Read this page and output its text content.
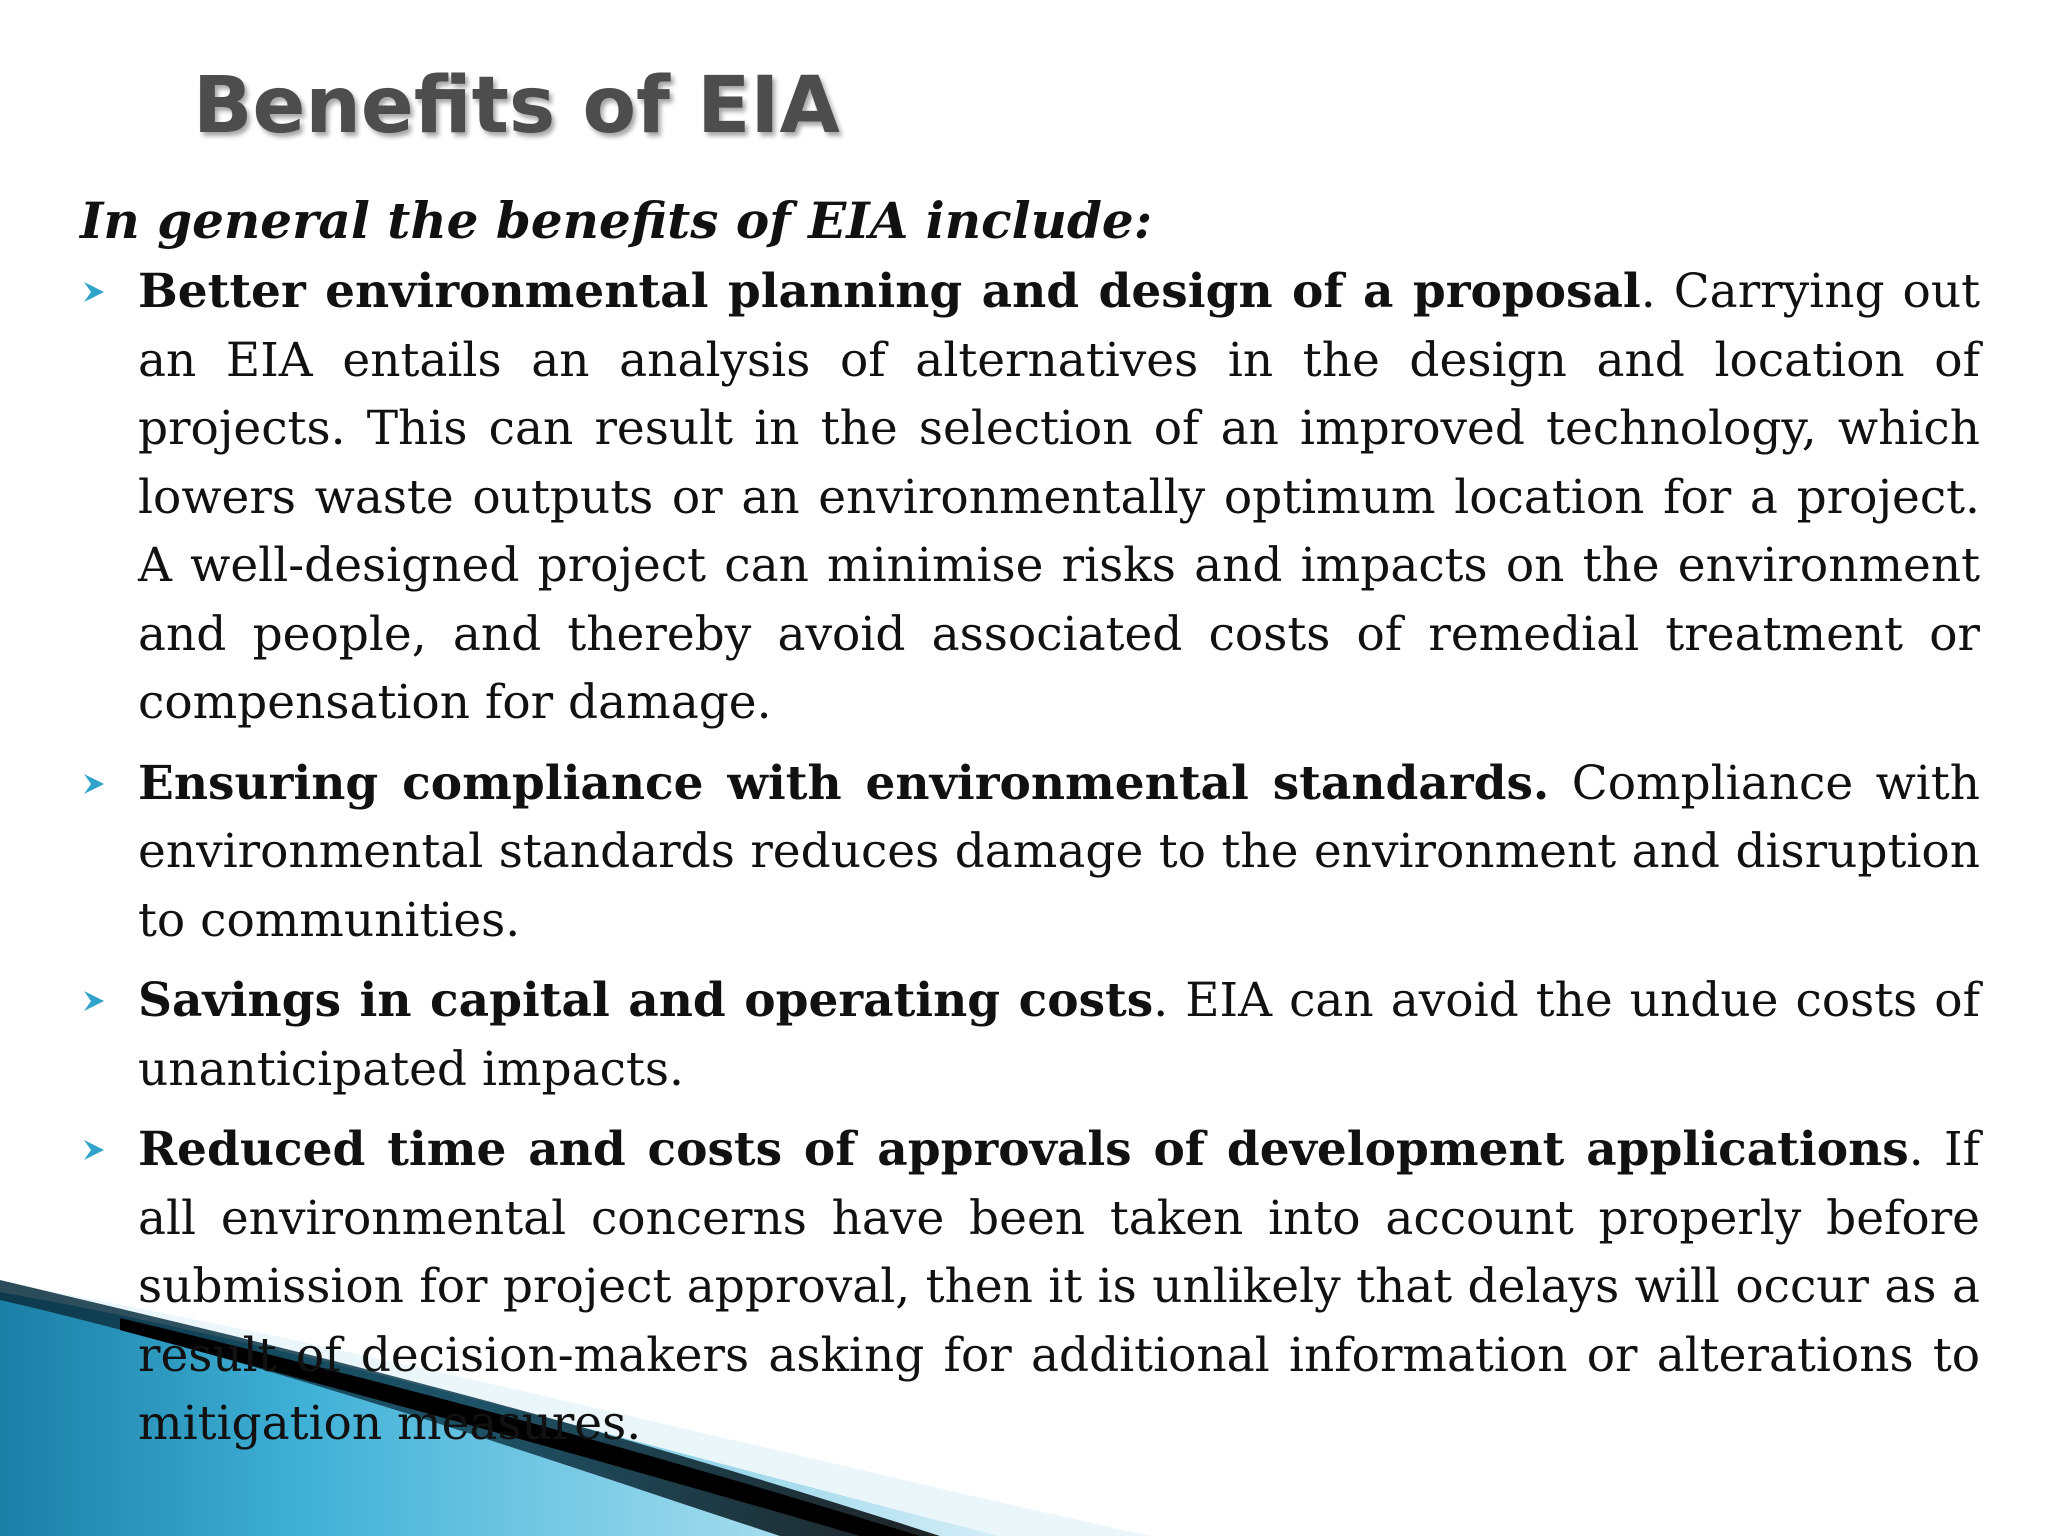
Benefits of EIA

In general the benefits of EIA include:

Better environmental planning and design of a proposal. Carrying out an EIA entails an analysis of alternatives in the design and location of projects. This can result in the selection of an improved technology, which lowers waste outputs or an environmentally optimum location for a project. A well-designed project can minimise risks and impacts on the environment and people, and thereby avoid associated costs of remedial treatment or compensation for damage.
Ensuring compliance with environmental standards. Compliance with environmental standards reduces damage to the environment and disruption to communities.
Savings in capital and operating costs. EIA can avoid the undue costs of unanticipated impacts.
Reduced time and costs of approvals of development applications. If all environmental concerns have been taken into account properly before submission for project approval, then it is unlikely that delays will occur as a result of decision-makers asking for additional information or alterations to mitigation measures.
